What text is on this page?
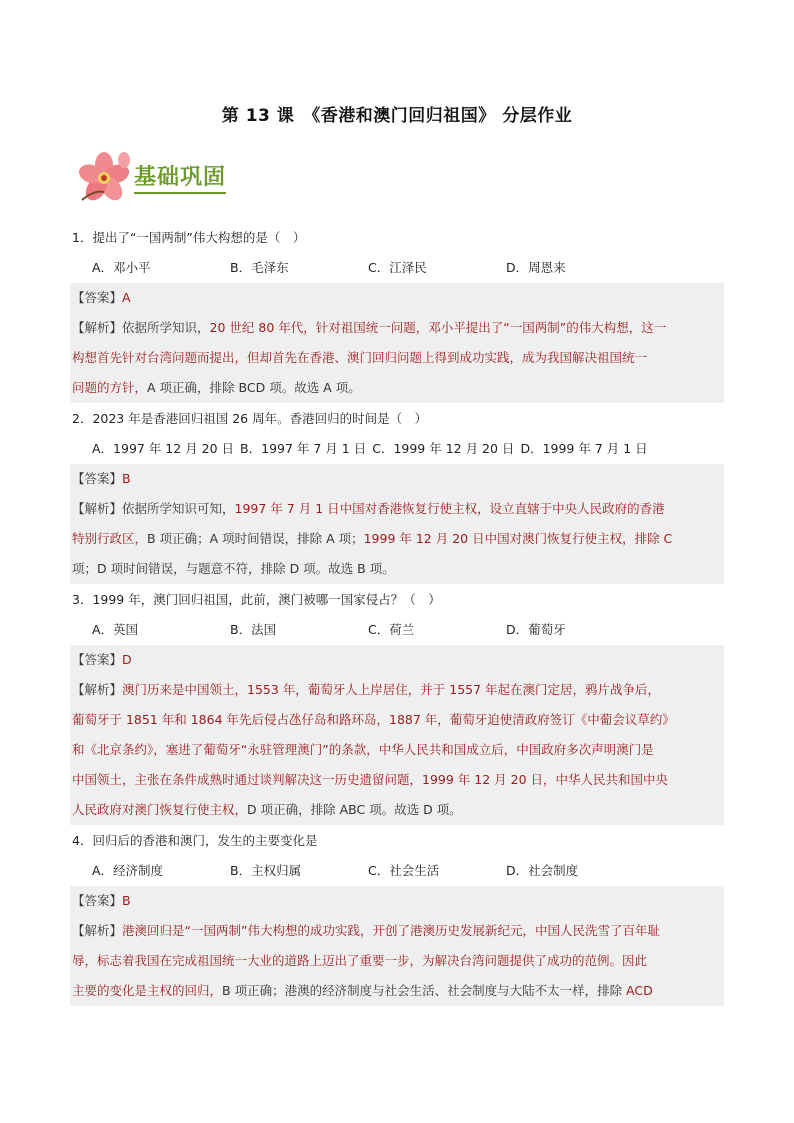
第 13 课　《香港和澳门回归祖国》 分层作业
基础巩固
1．提出了“一国两制”伟大构想的是（　）
A．邓小平	B．毛泽东	C．江泽民	D．周恩来
【答案】A
【解析】依据所学知识，20 世纪 80 年代，针对祖国统一问题，邓小平提出了“一国两制”的伟大构想，这一
构想首先针对台湾问题而提出，但却首先在香港、澳门回归问题上得到成功实践，成为我国解决祖国统一
问题的方针，A 项正确，排除 BCD 项。故选 A 项。
2．2023 年是香港回归祖国 26 周年。香港回归的时间是（　）
A．1997 年 12 月 20 日 B．1997 年 7 月 1 日 C．1999 年 12 月 20 日 D．1999 年 7 月 1 日
【答案】B
【解析】依据所学知识可知，1997 年 7 月 1 日中国对香港恢复行使主权，设立直辖于中央人民政府的香港
特别行政区，B 项正确；A 项时间错误，排除 A 项；1999 年 12 月 20 日中国对澳门恢复行使主权，排除 C
项；D 项时间错误，与题意不符，排除 D 项。故选 B 项。
3．1999 年，澳门回归祖国，此前，澳门被哪一国家侵占？（　）
A．英国	B．法国	C．荷兰	D．葡萄牙
【答案】D
【解析】澳门历来是中国领土，1553 年，葡萄牙人上岸居住，并于 1557 年起在澳门定居，鸦片战争后，
葡萄牙于 1851 年和 1864 年先后侵占氹仔岛和路环岛，1887 年，葡萄牙迫使清政府签订《中葡会议草约》
和《北京条约》，塞进了葡萄牙“永驻管理澳门”的条款，中华人民共和国成立后，中国政府多次声明澳门是
中国领土，主张在条件成熟时通过谈判解决这一历史遗留问题，1999 年 12 月 20 日，中华人民共和国中央
人民政府对澳门恢复行使主权，D 项正确，排除 ABC 项。故选 D 项。
4．回归后的香港和澳门，发生的主要变化是
A．经济制度	B．主权归属	C．社会生活	D．社会制度
【答案】B
【解析】港澳回归是“一国两制”伟大构想的成功实践，开创了港澳历史发展新纪元，中国人民洗雪了百年耻
辱，标志着我国在完成祖国统一大业的道路上迈出了重要一步，为解决台湾问题提供了成功的范例。因此
主要的变化是主权的回归，B 项正确；港澳的经济制度与社会生活、社会制度与大陆不太一样，排除 ACD
